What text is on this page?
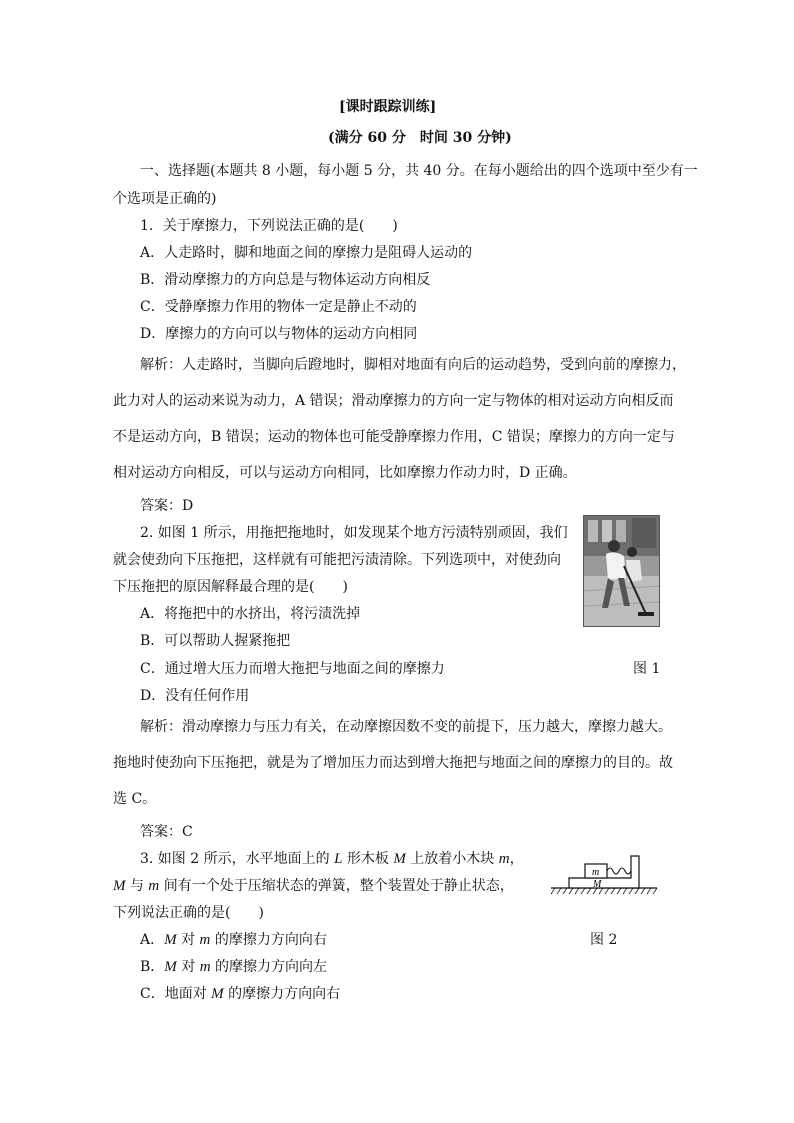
[课时跟踪训练]
(满分 60 分　时间 30 分钟)
一、选择题(本题共 8 小题，每小题 5 分，共 40 分。在每小题给出的四个选项中至少有一
个选项是正确的)
1．关于摩擦力，下列说法正确的是(　　)
A．人走路时，脚和地面之间的摩擦力是阻碍人运动的
B．滑动摩擦力的方向总是与物体运动方向相反
C．受静摩擦力作用的物体一定是静止不动的
D．摩擦力的方向可以与物体的运动方向相同
解析：人走路时，当脚向后蹬地时，脚相对地面有向后的运动趋势，受到向前的摩擦力，
此力对人的运动来说为动力，A 错误；滑动摩擦力的方向一定与物体的相对运动方向相反而
不是运动方向，B 错误；运动的物体也可能受静摩擦力作用，C 错误；摩擦力的方向一定与
相对运动方向相反，可以与运动方向相同，比如摩擦力作动力时，D 正确。
答案：D
2. 如图 1 所示，用拖把拖地时，如发现某个地方污渍特别顽固，我们
就会使劲向下压拖把，这样就有可能把污渍清除。下列选项中，对使劲向
下压拖把的原因解释最合理的是(　　)
A．将拖把中的水挤出，将污渍洗掉
B．可以帮助人握紧拖把
C．通过增大压力而增大拖把与地面之间的摩擦力	图 1
D．没有任何作用
解析：滑动摩擦力与压力有关，在动摩擦因数不变的前提下，压力越大，摩擦力越大。
拖地时使劲向下压拖把，就是为了增加压力而达到增大拖把与地面之间的摩擦力的目的。故
选 C。
答案：C
3. 如图 2 所示，水平地面上的 L 形木板 M 上放着小木块 m，
M 与 m 间有一个处于压缩状态的弹簧，整个装置处于静止状态，
下列说法正确的是(　　)
A．M 对 m 的摩擦力方向向右	图 2
B．M 对 m 的摩擦力方向向左
C．地面对 M 的摩擦力方向向右
m
M
